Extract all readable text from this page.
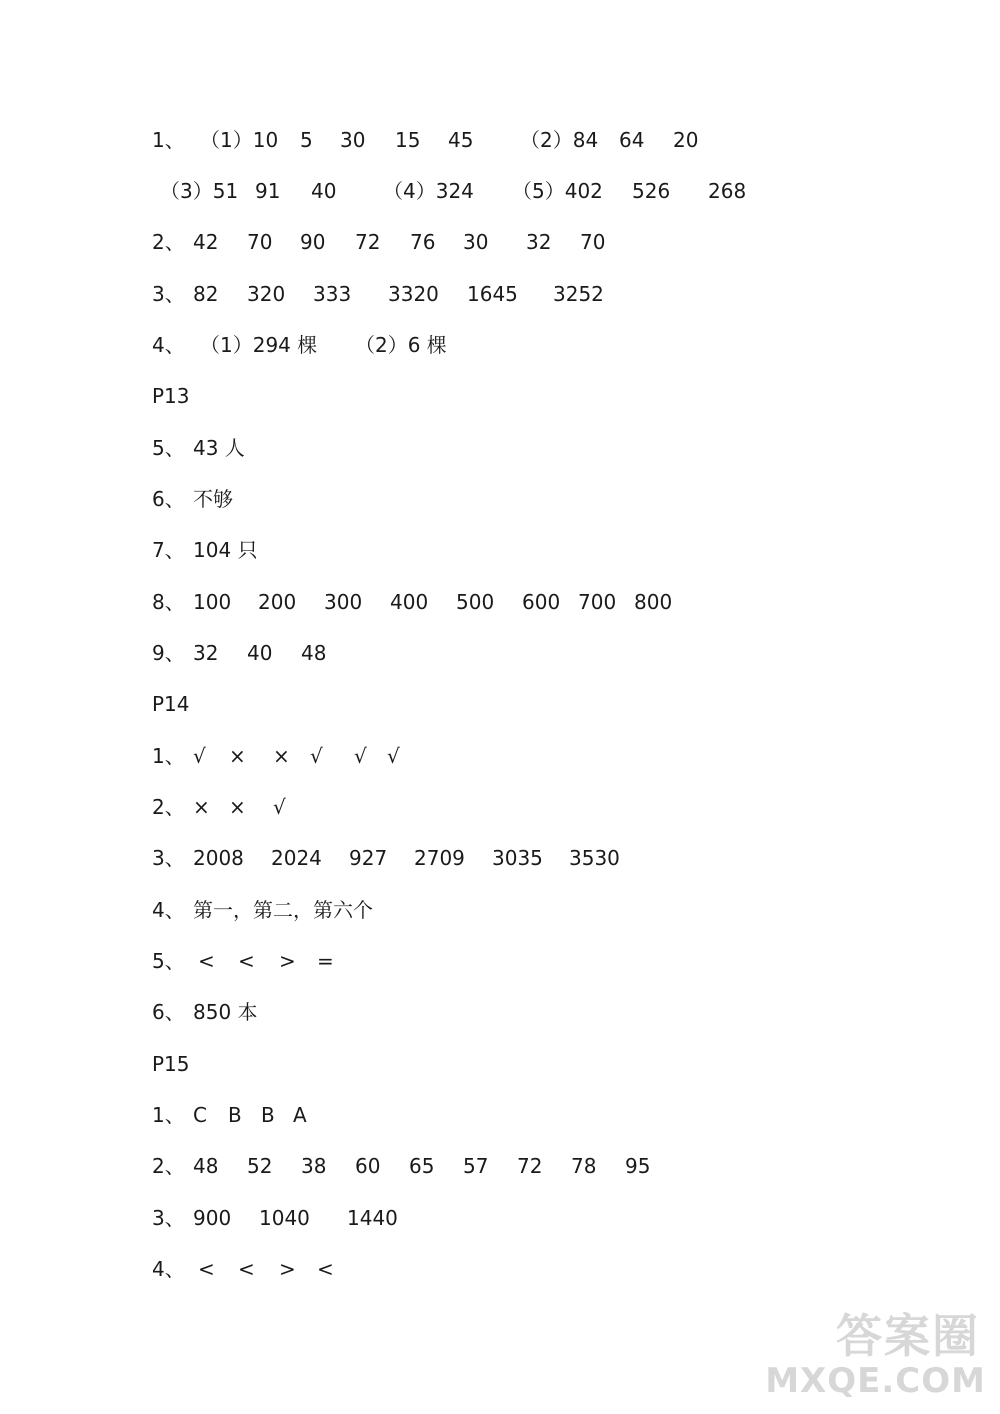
1、 （1）10 5 30 15 45 （2）84 64 20
（3）51 91 40 （4）324 （5）402 526 268
2、 42 70 90 72 76 30 32 70
3、 82 320 333 3320 1645 3252
4、 （1）294 棵 （2）6 棵
P13
5、 43 人
6、 不够
7、 104 只
8、 100 200 300 400 500 600 700 800
9、 32 40 48
P14
1、 √ × × √ √ √
2、 × × √
3、 2008 2024 927 2709 3035 3530
4、 第一，第二，第六个
5、 < < > =
6、 850 本
P15
1、 C B B A
2、 48 52 38 60 65 57 72 78 95
3、 900 1040 1440
4、 < < > <
答案圈
MXQE.COM
